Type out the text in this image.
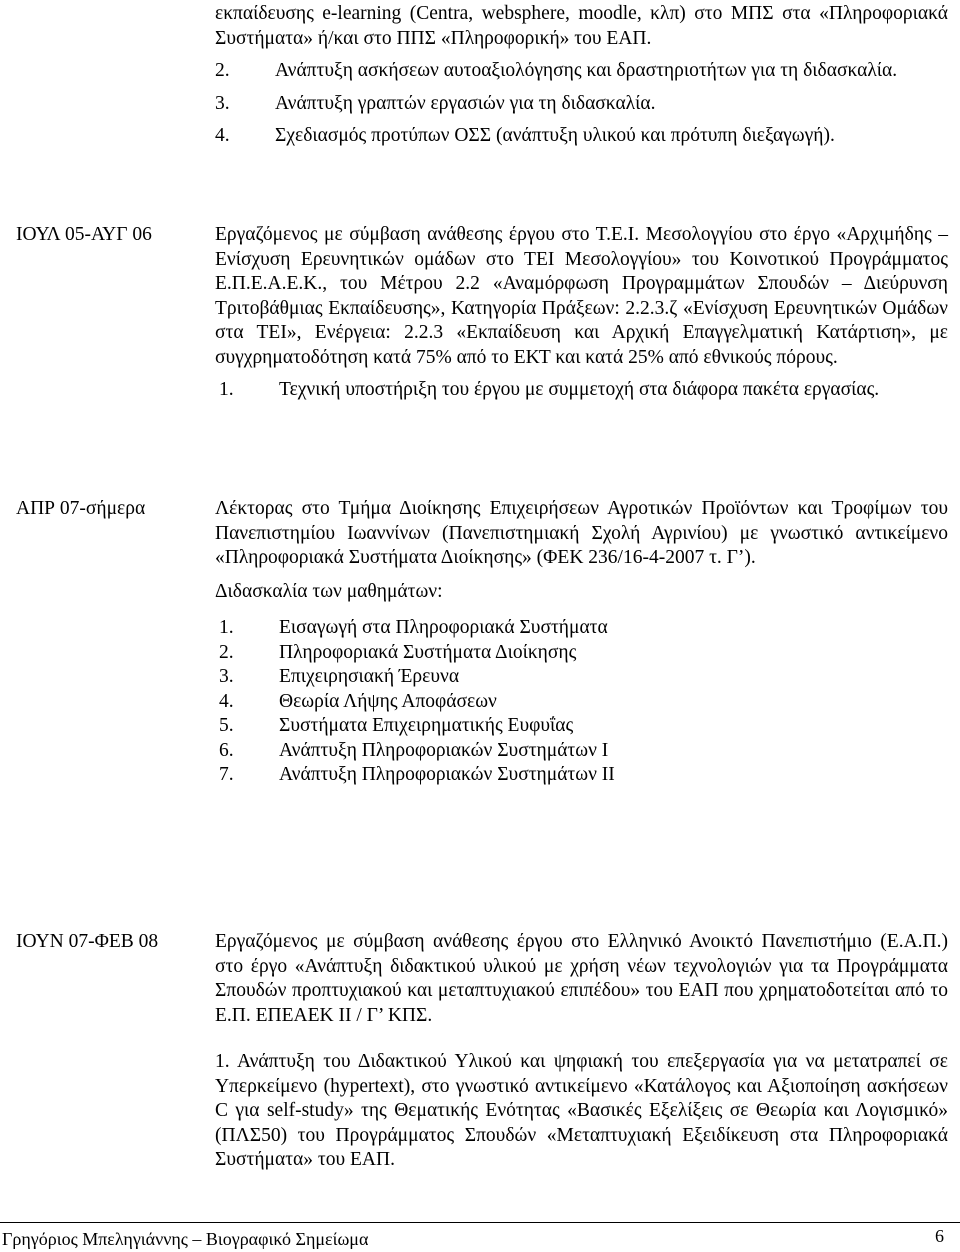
εκπαίδευσης e-learning (Centra, websphere, moodle, κλπ) στο ΜΠΣ στα «Πληροφοριακά Συστήματα» ή/και στο ΠΠΣ «Πληροφορική» του ΕΑΠ.

2. Ανάπτυξη ασκήσεων αυτοαξιολόγησης και δραστηριοτήτων για τη διδασκαλία.
3. Ανάπτυξη γραπτών εργασιών για τη διδασκαλία.
4. Σχεδιασμός προτύπων ΟΣΣ (ανάπτυξη υλικού και πρότυπη διεξαγωγή).
ΙΟΥΛ 05-ΑΥΓ 06	Εργαζόμενος με σύμβαση ανάθεσης έργου στο Τ.Ε.Ι. Μεσολογγίου στο έργο «Αρχιμήδης – Ενίσχυση Ερευνητικών ομάδων στο ΤΕΙ Μεσολογγίου» του Κοινοτικού Προγράμματος Ε.Π.Ε.Α.Ε.Κ., του Μέτρου 2.2 «Αναμόρφωση Προγραμμάτων Σπουδών – Διεύρυνση Τριτοβάθμιας Εκπαίδευσης», Κατηγορία Πράξεων: 2.2.3.ζ «Ενίσχυση Ερευνητικών Ομάδων στα ΤΕΙ», Ενέργεια: 2.2.3 «Εκπαίδευση και Αρχική Επαγγελματική Κατάρτιση», με συγχρηματοδότηση κατά 75% από το ΕΚΤ και κατά 25% από εθνικούς πόρους.

1. Τεχνική υποστήριξη του έργου με συμμετοχή στα διάφορα πακέτα εργασίας.
ΑΠΡ 07-σήμερα	Λέκτορας στο Τμήμα Διοίκησης Επιχειρήσεων Αγροτικών Προϊόντων και Τροφίμων του Πανεπιστημίου Ιωαννίνων (Πανεπιστημιακή Σχολή Αγρινίου) με γνωστικό αντικείμενο «Πληροφοριακά Συστήματα Διοίκησης» (ΦΕΚ 236/16-4-2007 τ. Γ’).

Διδασκαλία των μαθημάτων:

1. Εισαγωγή στα Πληροφοριακά Συστήματα
2. Πληροφοριακά Συστήματα Διοίκησης
3. Επιχειρησιακή Έρευνα
4. Θεωρία Λήψης Αποφάσεων
5. Συστήματα Επιχειρηματικής Ευφυΐας
6. Ανάπτυξη Πληροφοριακών Συστημάτων Ι
7. Ανάπτυξη Πληροφοριακών Συστημάτων ΙΙ
ΙΟΥΝ 07-ΦΕΒ 08	Εργαζόμενος με σύμβαση ανάθεσης έργου στο Ελληνικό Ανοικτό Πανεπιστήμιο (Ε.Α.Π.) στο έργο «Ανάπτυξη διδακτικού υλικού με χρήση νέων τεχνολογιών για τα Προγράμματα Σπουδών προπτυχιακού και μεταπτυχιακού επιπέδου» του ΕΑΠ που χρηματοδοτείται από το Ε.Π. ΕΠΕΑΕΚ ΙΙ / Γ’ ΚΠΣ.

1. Ανάπτυξη του Διδακτικού Υλικού και ψηφιακή του επεξεργασία για να μετατραπεί σε Υπερκείμενο (hypertext), στο γνωστικό αντικείμενο «Κατάλογος και Αξιοποίηση ασκήσεων C για self-study» της Θεματικής Ενότητας «Βασικές Εξελίξεις σε Θεωρία και Λογισμικό» (ΠΛΣ50) του Προγράμματος Σπουδών «Μεταπτυχιακή Εξειδίκευση στα Πληροφοριακά Συστήματα» του ΕΑΠ.

Γρηγόριος Μπεληγιάννης – Βιογραφικό Σημείωμα	6
